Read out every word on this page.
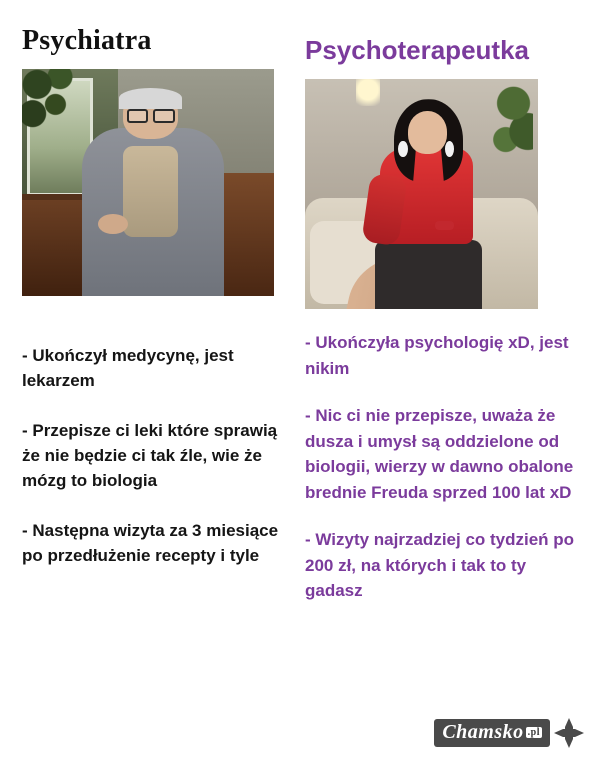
Psychiatra

- Ukończył medycynę, jest lekarzem

- Przepisze ci leki które sprawią że nie będzie ci tak źle, wie że mózg to biologia

- Następna wizyta za 3 miesiące po przedłużenie recepty i tyle

Psychoterapeutka

- Ukończyła psychologię xD, jest nikim

- Nic ci nie przepisze, uważa że dusza i umysł są oddzielone od biologii, wierzy w dawno obalone brednie Freuda sprzed 100 lat xD

- Wizyty najrzadziej co tydzień po 200 zł, na których i tak to ty gadasz

Chamsko .pl
